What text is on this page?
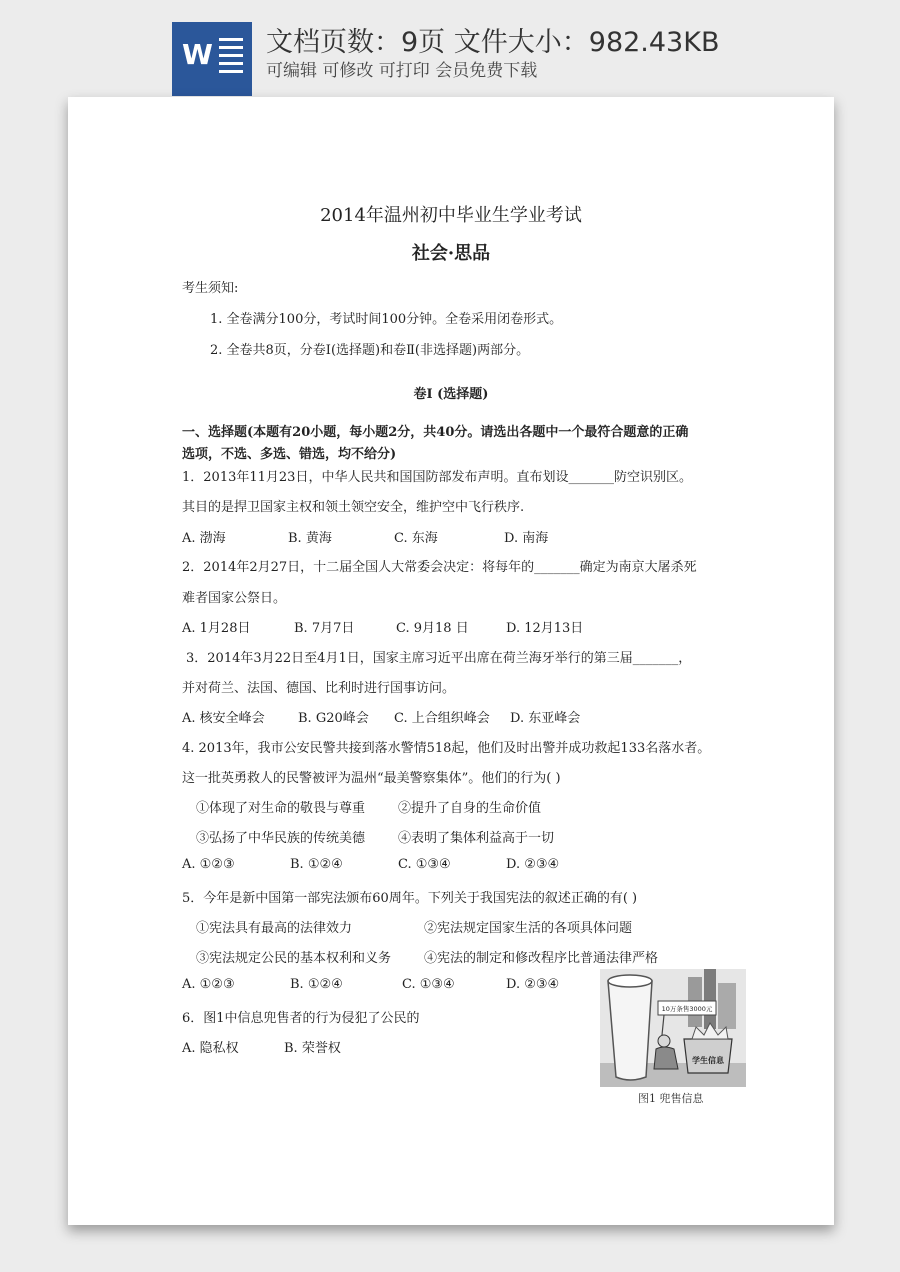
W 文档页数：9页 文件大小：982.43KB
可编辑 可修改 可打印 会员免费下载
2014年温州初中毕业生学业考试
社会·思品
考生须知:
1. 全卷满分100分，考试时间100分钟。全卷采用闭卷形式。
2. 全卷共8页，分卷Ⅰ(选择题)和卷Ⅱ(非选择题)两部分。
卷Ⅰ (选择题)
一、选择题(本题有20小题，每小题2分，共40分。请选出各题中一个最符合题意的正确
选项，不选、多选、错选，均不给分)
1．2013年11月23日，中华人民共和国国防部发布声明。直布划设_______防空识别区。
其目的是捍卫国家主权和领土领空安全，维护空中飞行秩序.
A. 渤海	B. 黄海	C. 东海	D. 南海
2．2014年2月27日，十二届全国人大常委会决定：将每年的_______确定为南京大屠杀死
难者国家公祭日。
A. 1月28日	B. 7月7日	C. 9月18 日	D. 12月13日
3．2014年3月22日至4月1日，国家主席习近平出席在荷兰海牙举行的第三届_______，
并对荷兰、法国、德国、比利时进行国事访问。
A. 核安全峰会	B. G20峰会 C. 上合组织峰会 D. 东亚峰会
4. 2013年，我市公安民警共接到落水警情518起，他们及时出警并成功救起133名落水者。
这一批英勇救人的民警被评为温州“最美警察集体”。他们的行为( )
①体现了对生命的敬畏与尊重	②提升了自身的生命价值
③弘扬了中华民族的传统美德	④表明了集体利益高于一切
A. ①②③	B. ①②④	C. ①③④	D. ②③④
5．今年是新中国第一部宪法颁布60周年。下列关于我国宪法的叙述正确的有( )
①宪法具有最高的法律效力	②宪法规定国家生活的各项具体问题
③宪法规定公民的基本权利和义务	④宪法的制定和修改程序比普通法律严格
A. ①②③	B. ①②④	C. ①③④	D. ②③④
6．图1中信息兜售者的行为侵犯了公民的
A. 隐私权	B. 荣誉权
10万条售3000元
学生信息
图1 兜售信息
